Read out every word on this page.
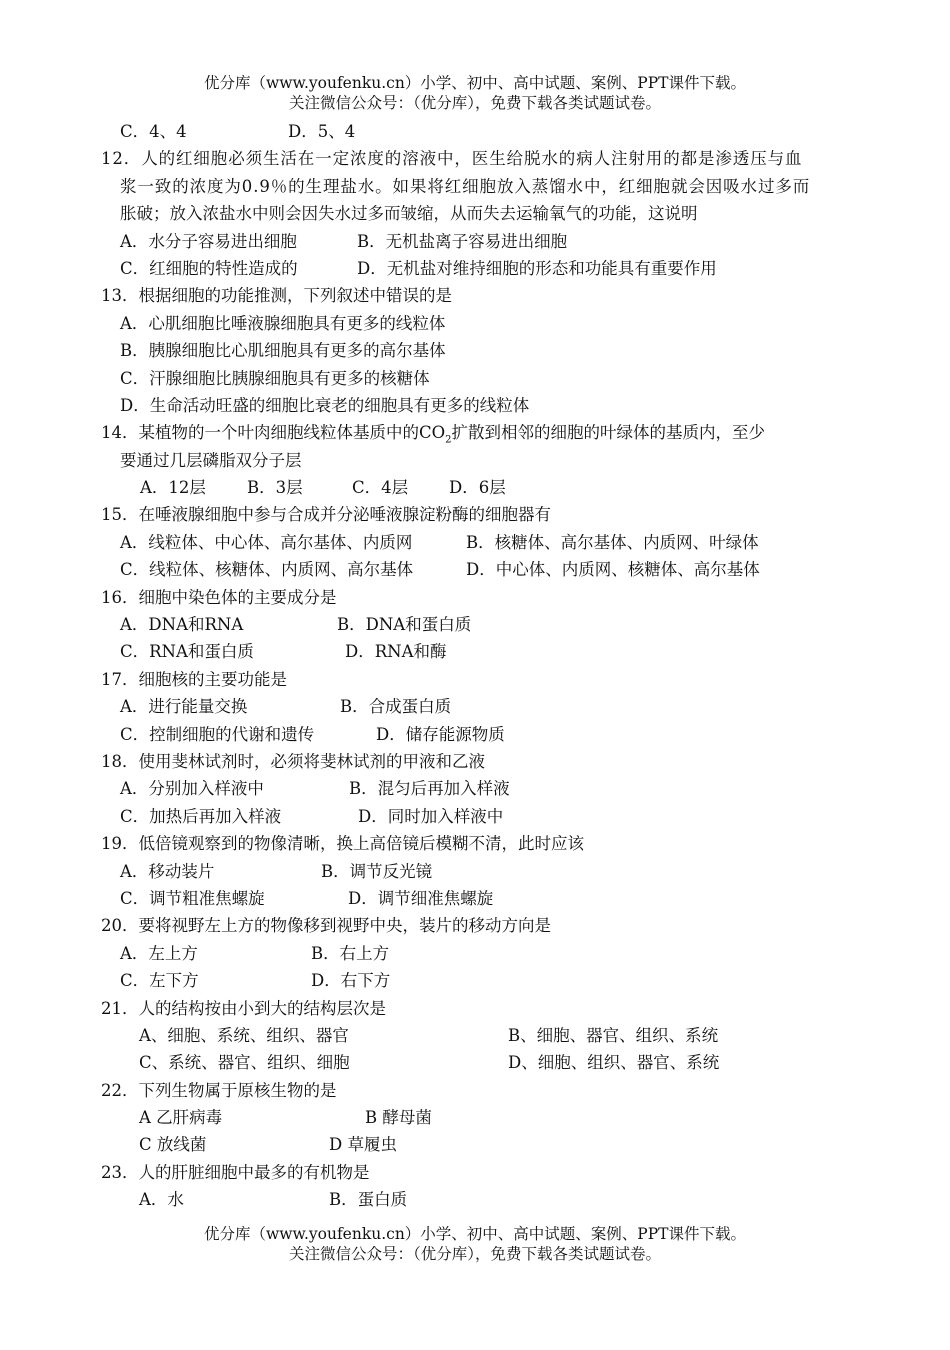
优分库（www.youfenku.cn）小学、初中、高中试题、案例、PPT课件下载。
关注微信公众号：（优分库），免费下载各类试题试卷。
C．4、4	D．5、4
12．人的红细胞必须生活在一定浓度的溶液中，医生给脱水的病人注射用的都是渗透压与血
浆一致的浓度为0.9％的生理盐水。如果将红细胞放入蒸馏水中，红细胞就会因吸水过多而
胀破；放入浓盐水中则会因失水过多而皱缩，从而失去运输氧气的功能，这说明
A．水分子容易进出细胞	B．无机盐离子容易进出细胞
C．红细胞的特性造成的	D．无机盐对维持细胞的形态和功能具有重要作用
13．根据细胞的功能推测，下列叙述中错误的是
A．心肌细胞比唾液腺细胞具有更多的线粒体
B．胰腺细胞比心肌细胞具有更多的高尔基体
C．汗腺细胞比胰腺细胞具有更多的核糖体
D．生命活动旺盛的细胞比衰老的细胞具有更多的线粒体
14．某植物的一个叶肉细胞线粒体基质中的$CO_2$扩散到相邻的细胞的叶绿体的基质内，至少
要通过几层磷脂双分子层
A．12层 B．3层	C．4层 D．6层
15．在唾液腺细胞中参与合成并分泌唾液腺淀粉酶的细胞器有
A．线粒体、中心体、高尔基体、内质网	B．核糖体、高尔基体、内质网、叶绿体
C．线粒体、核糖体、内质网、高尔基体	D．中心体、内质网、核糖体、高尔基体
16．细胞中染色体的主要成分是
A．DNA和RNA	B．DNA和蛋白质
C．RNA和蛋白质	D．RNA和酶
17．细胞核的主要功能是
A．进行能量交换	B．合成蛋白质
C．控制细胞的代谢和遗传	D．储存能源物质
18．使用斐林试剂时，必须将斐林试剂的甲液和乙液
A．分别加入样液中	B．混匀后再加入样液
C．加热后再加入样液	D．同时加入样液中
19．低倍镜观察到的物像清晰，换上高倍镜后模糊不清，此时应该
A．移动装片	B．调节反光镜
C．调节粗准焦螺旋	D．调节细准焦螺旋
20．要将视野左上方的物像移到视野中央，装片的移动方向是
A．左上方	B．右上方
C．左下方	D．右下方
21．人的结构按由小到大的结构层次是
A、细胞、系统、组织、器官	B、细胞、器官、组织、系统
C、系统、器官、组织、细胞	D、细胞、组织、器官、系统
22．下列生物属于原核生物的是
A 乙肝病毒	B 酵母菌
C 放线菌	D 草履虫
23．人的肝脏细胞中最多的有机物是
A．水	B．蛋白质
优分库（www.youfenku.cn）小学、初中、高中试题、案例、PPT课件下载。
关注微信公众号：（优分库），免费下载各类试题试卷。
